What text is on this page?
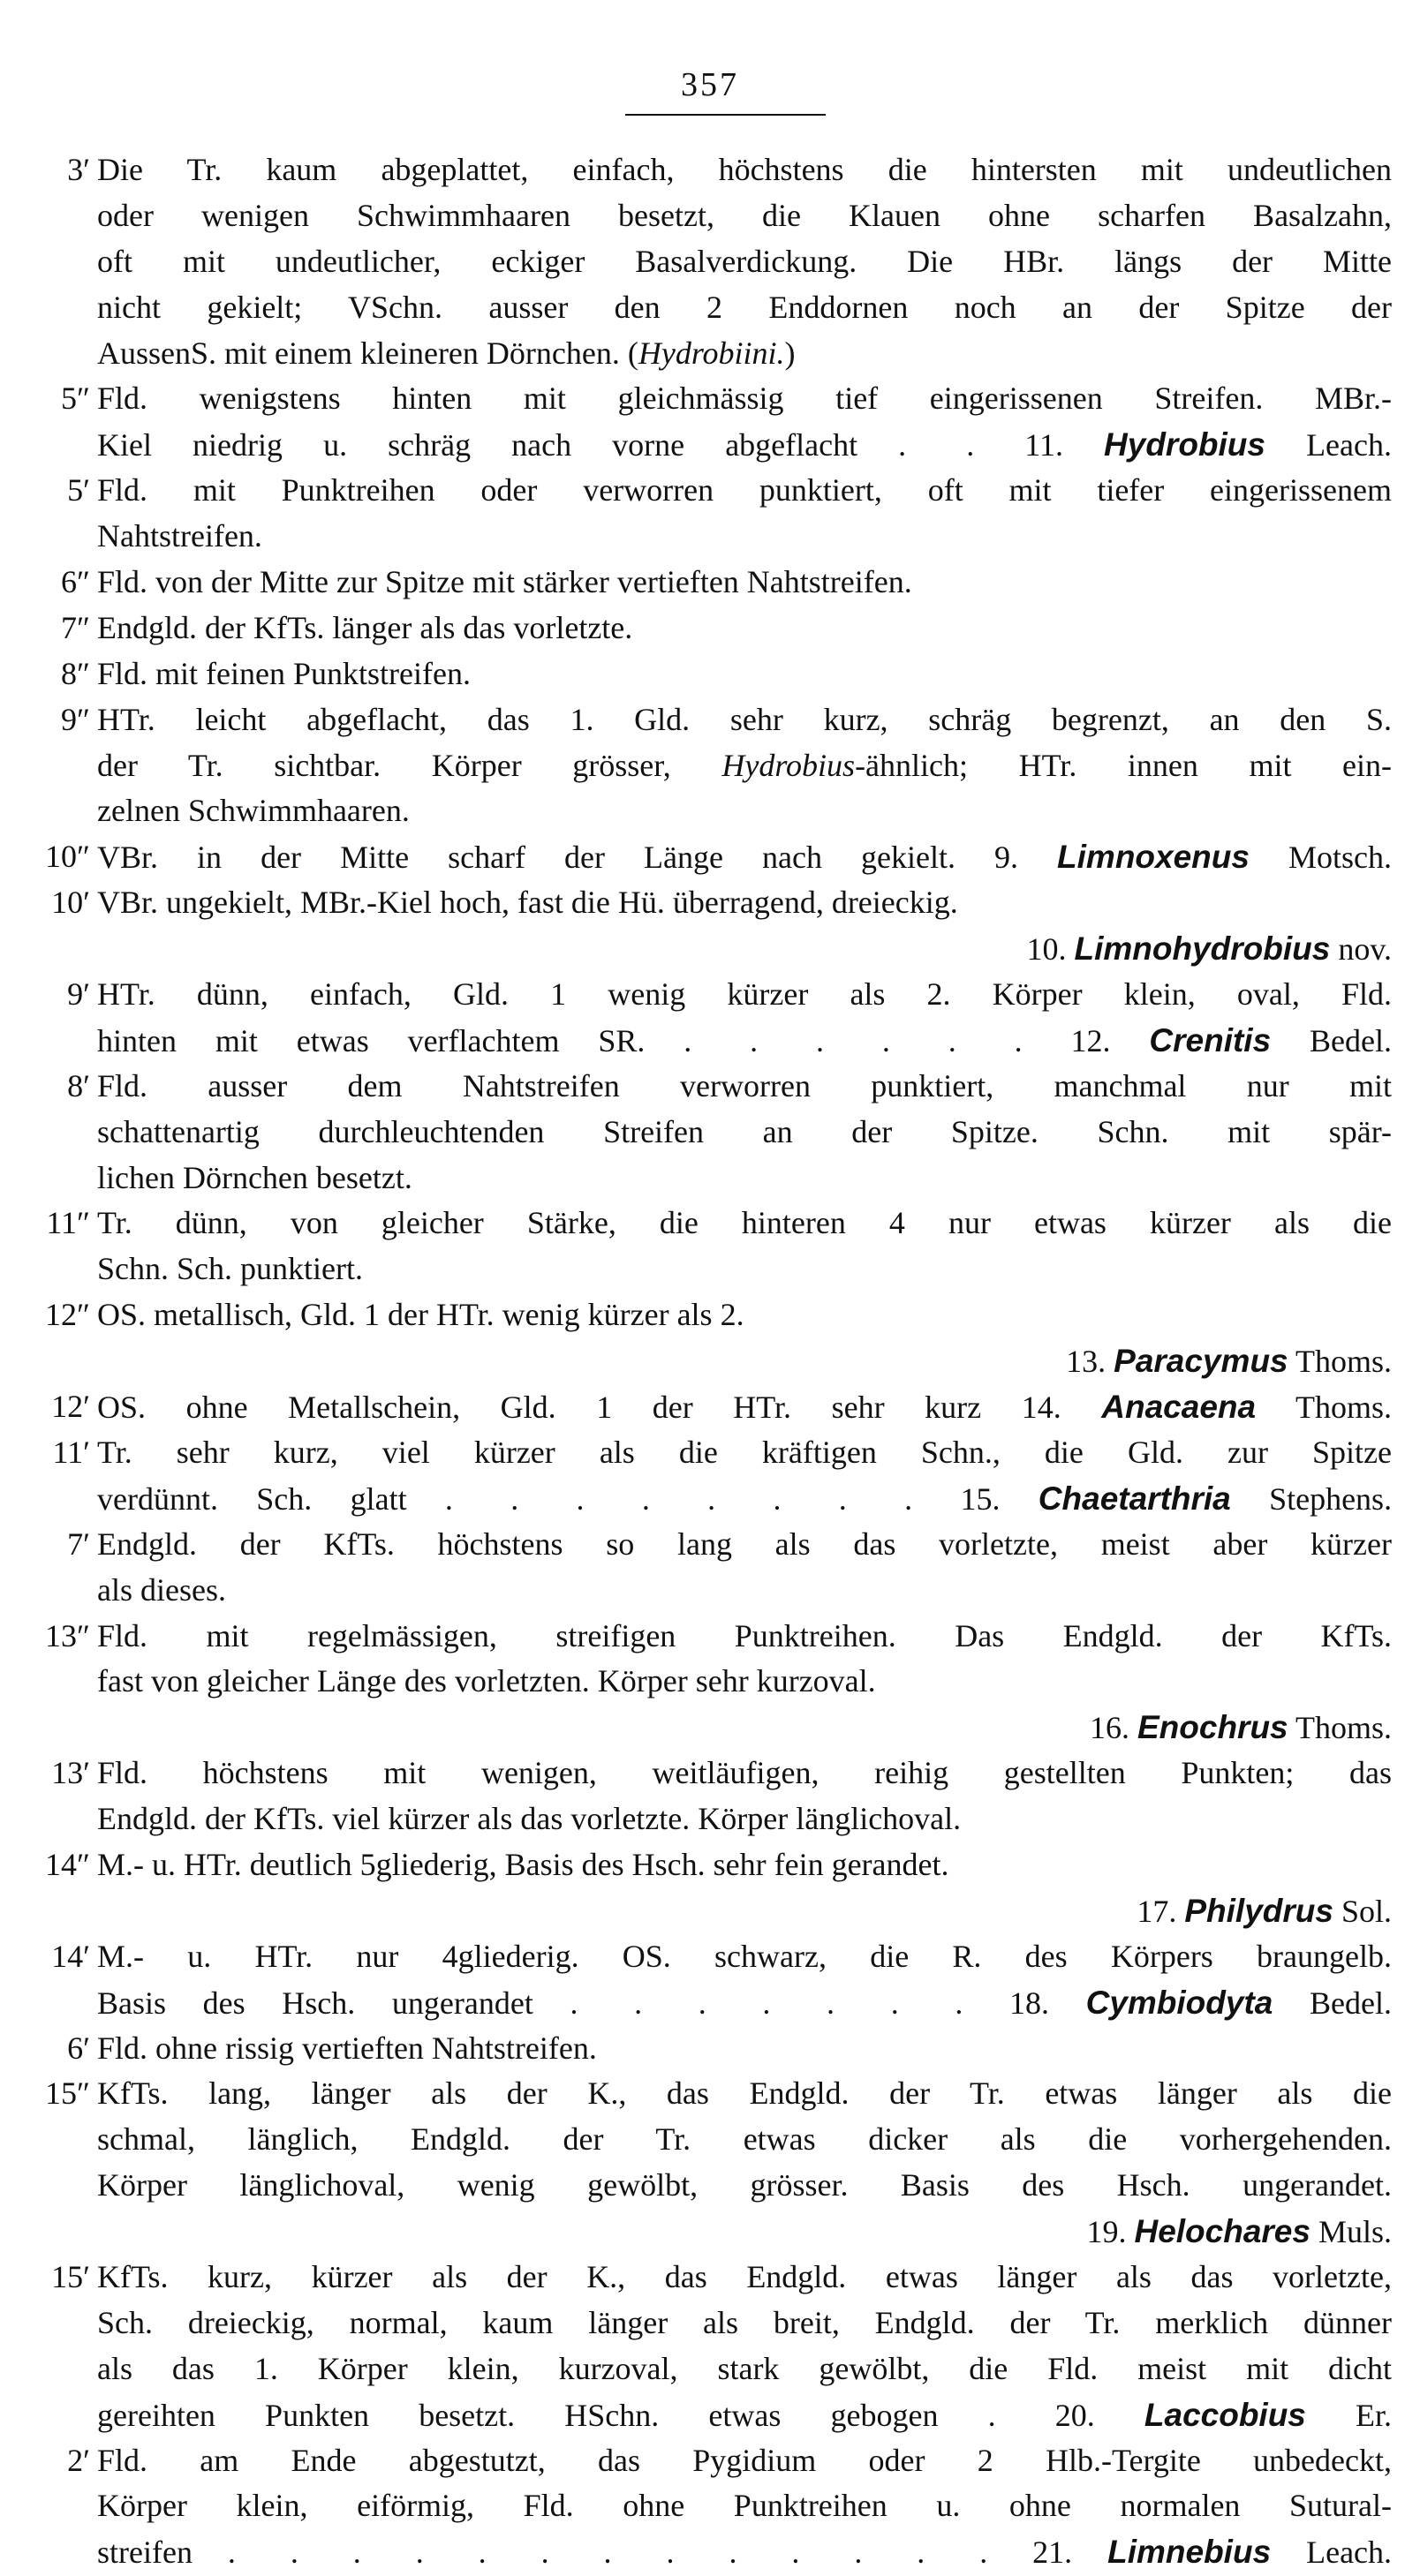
357
3′ Die Tr. kaum abgeplattet, einfach, höchstens die hintersten mit undeutlichen
oder wenigen Schwimmhaaren besetzt, die Klauen ohne scharfen Basalzahn,
oft mit undeutlicher, eckiger Basalverdickung. Die HBr. längs der Mitte
nicht gekielt; VSchn. ausser den 2 Enddornen noch an der Spitze der
AussenS. mit einem kleineren Dörnchen. (Hydrobiini.)
5″ Fld. wenigstens hinten mit gleichmässig tief eingerissenen Streifen. MBr.-
Kiel niedrig u. schräg nach vorne abgeflacht . . 11. Hydrobius Leach.
5′ Fld. mit Punktreihen oder verworren punktiert, oft mit tiefer eingerissenem
Nahtstreifen.
6″ Fld. von der Mitte zur Spitze mit stärker vertieften Nahtstreifen.
7″ Endgld. der KfTs. länger als das vorletzte.
8″ Fld. mit feinen Punktstreifen.
9″ HTr. leicht abgeflacht, das 1. Gld. sehr kurz, schräg begrenzt, an den S.
der Tr. sichtbar. Körper grösser, Hydrobius-ähnlich; HTr. innen mit ein-
zelnen Schwimmhaaren.
10″ VBr. in der Mitte scharf der Länge nach gekielt. 9. Limnoxenus Motsch.
10′ VBr. ungekielt, MBr.-Kiel hoch, fast die Hü. überragend, dreieckig.
10. Limnohydrobius nov.
9′ HTr. dünn, einfach, Gld. 1 wenig kürzer als 2. Körper klein, oval, Fld.
hinten mit etwas verflachtem SR. . . . . . . 12. Crenitis Bedel.
8′ Fld. ausser dem Nahtstreifen verworren punktiert, manchmal nur mit
schattenartig durchleuchtenden Streifen an der Spitze. Schn. mit spär-
lichen Dörnchen besetzt.
11″ Tr. dünn, von gleicher Stärke, die hinteren 4 nur etwas kürzer als die
Schn. Sch. punktiert.
12″ OS. metallisch, Gld. 1 der HTr. wenig kürzer als 2.
13. Paracymus Thoms.
12′ OS. ohne Metallschein, Gld. 1 der HTr. sehr kurz 14. Anacaena Thoms.
11′ Tr. sehr kurz, viel kürzer als die kräftigen Schn., die Gld. zur Spitze
verdünnt. Sch. glatt . . . . . . . . 15. Chaetarthria Stephens.
7′ Endgld. der KfTs. höchstens so lang als das vorletzte, meist aber kürzer
als dieses.
13″ Fld. mit regelmässigen, streifigen Punktreihen. Das Endgld. der KfTs.
fast von gleicher Länge des vorletzten. Körper sehr kurzoval.
16. Enochrus Thoms.
13′ Fld. höchstens mit wenigen, weitläufigen, reihig gestellten Punkten; das
Endgld. der KfTs. viel kürzer als das vorletzte. Körper länglichoval.
14″ M.- u. HTr. deutlich 5gliederig, Basis des Hsch. sehr fein gerandet.
17. Philydrus Sol.
14′ M.- u. HTr. nur 4gliederig. OS. schwarz, die R. des Körpers braungelb.
Basis des Hsch. ungerandet . . . . . . . 18. Cymbiodyta Bedel.
6′ Fld. ohne rissig vertieften Nahtstreifen.
15″ KfTs. lang, länger als der K., das Endgld. der Tr. etwas länger als die
schmal, länglich, Endgld. der Tr. etwas dicker als die vorhergehenden.
Körper länglichoval, wenig gewölbt, grösser. Basis des Hsch. ungerandet.
19. Helochares Muls.
15′ KfTs. kurz, kürzer als der K., das Endgld. etwas länger als das vorletzte,
Sch. dreieckig, normal, kaum länger als breit, Endgld. der Tr. merklich dünner
als das 1. Körper klein, kurzoval, stark gewölbt, die Fld. meist mit dicht
gereihten Punkten besetzt. HSchn. etwas gebogen . 20. Laccobius Er.
2′ Fld. am Ende abgestutzt, das Pygidium oder 2 Hlb.-Tergite unbedeckt,
Körper klein, eiförmig, Fld. ohne Punktreihen u. ohne normalen Sutural-
streifen . . . . . . . . . . . . . 21. Limnebius Leach.
